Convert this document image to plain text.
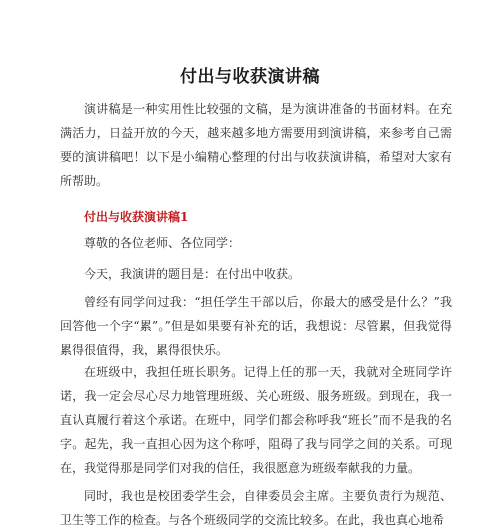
付出与收获演讲稿

演讲稿是一种实用性比较强的文稿，是为演讲准备的书面材料。在充满活力，日益开放的今天，越来越多地方需要用到演讲稿，来参考自己需要的演讲稿吧！以下是小编精心整理的付出与收获演讲稿，希望对大家有所帮助。

付出与收获演讲稿1

尊敬的各位老师、各位同学：

今天，我演讲的题目是：在付出中收获。

曾经有同学问过我：“担任学生干部以后，你最大的感受是什么？”我回答他一个字“累”。”但是如果要有补充的话，我想说：尽管累，但我觉得累得很值得，我，累得很快乐。

在班级中，我担任班长职务。记得上任的那一天，我就对全班同学许诺，我一定会尽心尽力地管理班级、关心班级、服务班级。到现在，我一直认真履行着这个承诺。在班中，同学们都会称呼我“班长”而不是我的名字。起先，我一直担心因为这个称呼，阻碍了我与同学之间的关系。可现在，我觉得那是同学们对我的信任，我很愿意为班级奉献我的力量。

同时，我也是校团委学生会，自律委员会主席。主要负责行为规范、卫生等工作的检查。与各个班级同学的交流比较多。在此，我也真心地希
